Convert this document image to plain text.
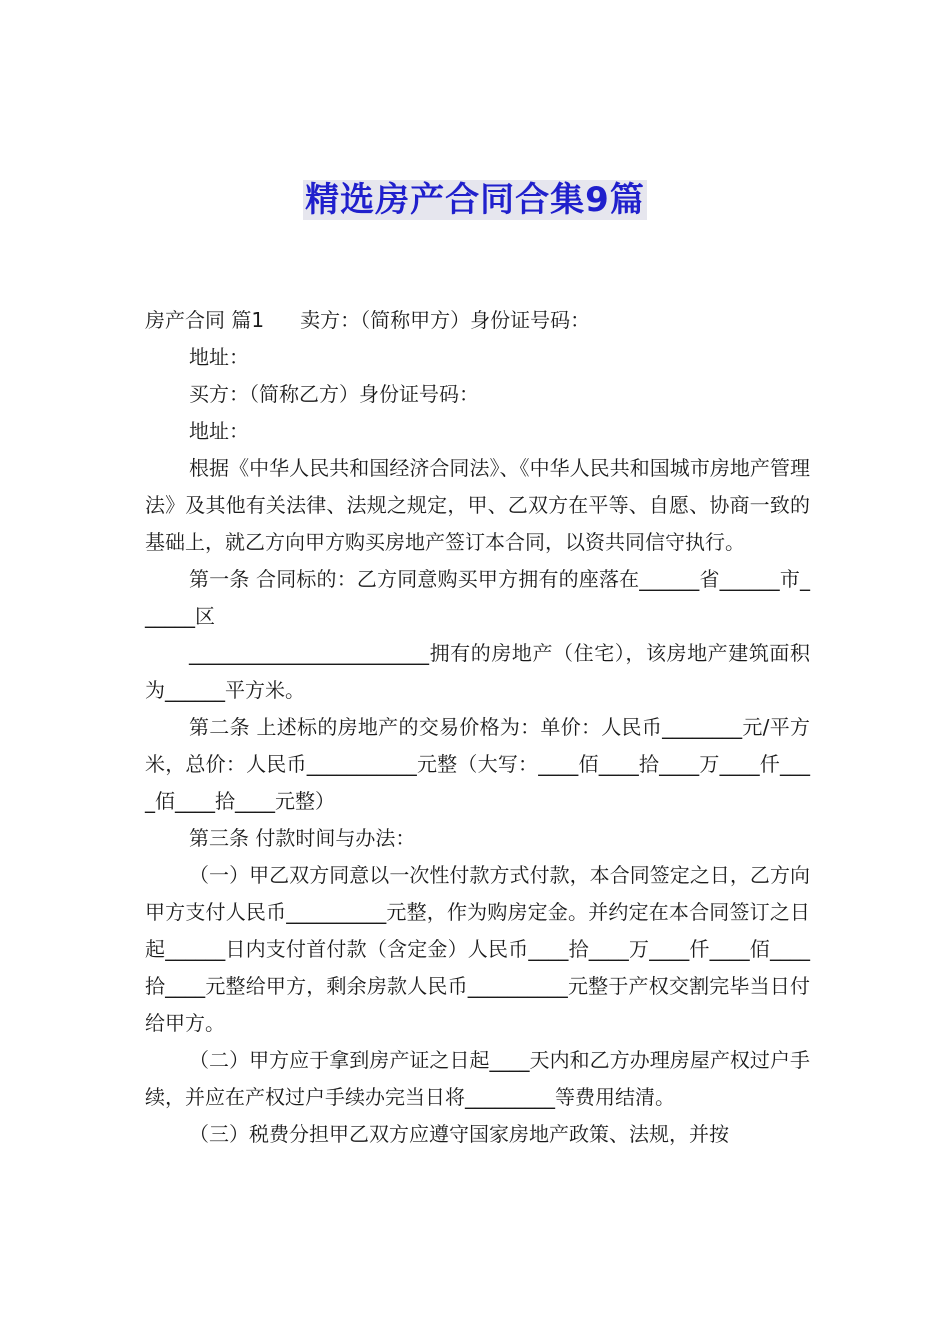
精选房产合同合集9篇

房产合同 篇1 卖方：（简称甲方）身份证号码：

地址：

买方：（简称乙方）身份证号码：

地址：

根据《中华人民共和国经济合同法》、《中华人民共和国城市房地产管理法》及其他有关法律、法规之规定，甲、乙双方在平等、自愿、协商一致的基础上，就乙方向甲方购买房地产签订本合同，以资共同信守执行。

第一条 合同标的：乙方同意购买甲方拥有的座落在______省______市______区

________________________拥有的房地产（住宅），该房地产建筑面积为______平方米。

第二条 上述标的房地产的交易价格为：单价：人民币________元/平方米，总价：人民币___________元整（大写：____佰____拾____万____仟____佰____拾____元整）

第三条 付款时间与办法：

（一）甲乙双方同意以一次性付款方式付款，本合同签定之日，乙方向甲方支付人民币__________元整，作为购房定金。并约定在本合同签订之日起______日内支付首付款（含定金）人民币____拾____万____仟____佰____拾____元整给甲方，剩余房款人民币__________元整于产权交割完毕当日付给甲方。

（二）甲方应于拿到房产证之日起____天内和乙方办理房屋产权过户手续，并应在产权过户手续办完当日将_________等费用结清。

（三）税费分担甲乙双方应遵守国家房地产政策、法规，并按
